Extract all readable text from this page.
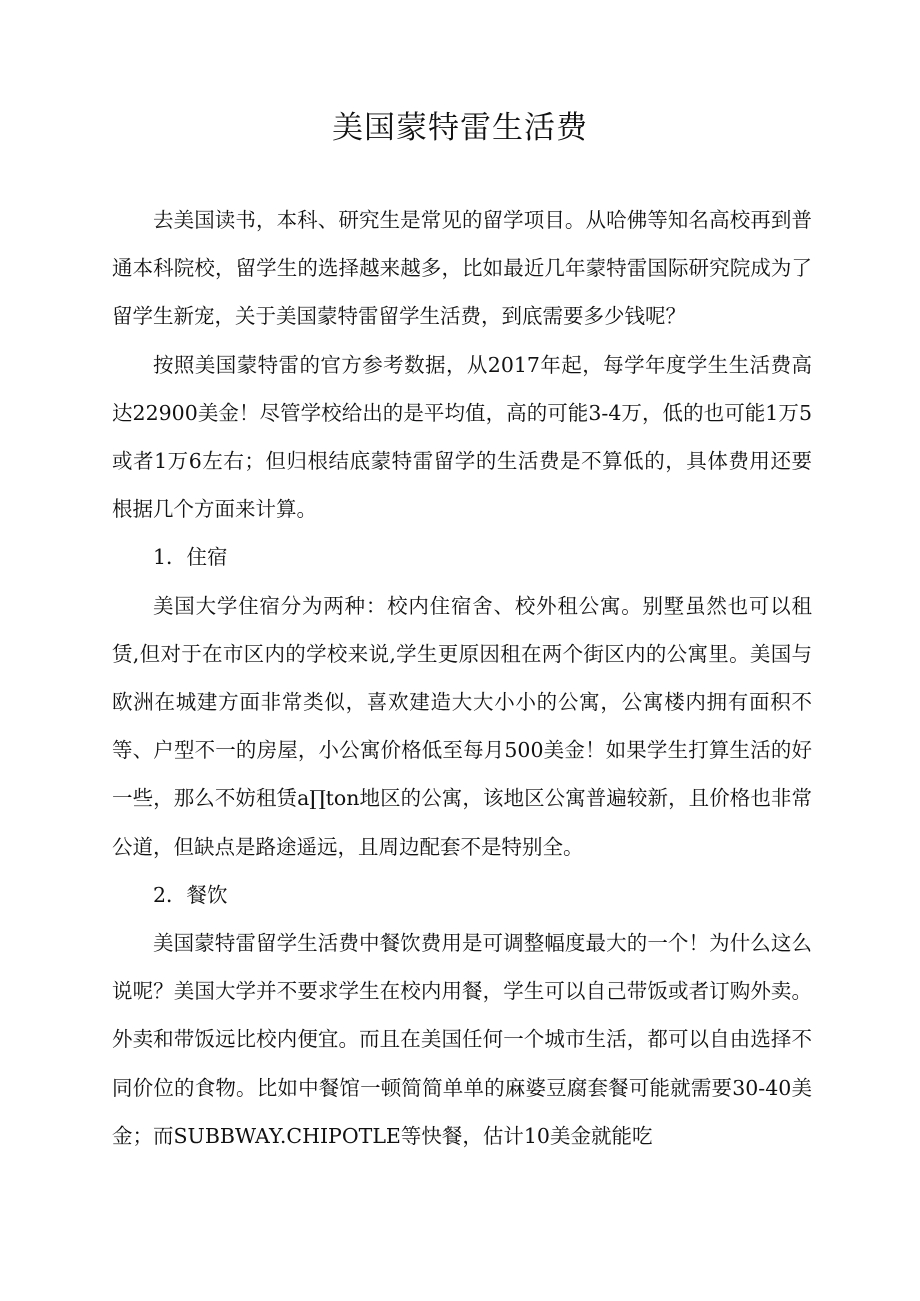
美国蒙特雷生活费

去美国读书，本科、研究生是常见的留学项目。从哈佛等知名高校再到普通本科院校，留学生的选择越来越多，比如最近几年蒙特雷国际研究院成为了留学生新宠，关于美国蒙特雷留学生活费，到底需要多少钱呢？

按照美国蒙特雷的官方参考数据，从2017年起，每学年度学生生活费高达22900美金！尽管学校给出的是平均值，高的可能3-4万，低的也可能1万5或者1万6左右；但归根结底蒙特雷留学的生活费是不算低的，具体费用还要根据几个方面来计算。

1．住宿

美国大学住宿分为两种：校内住宿舍、校外租公寓。别墅虽然也可以租赁,但对于在市区内的学校来说,学生更原因租在两个街区内的公寓里。美国与欧洲在城建方面非常类似，喜欢建造大大小小的公寓，公寓楼内拥有面积不等、户型不一的房屋，小公寓价格低至每月500美金！如果学生打算生活的好一些，那么不妨租赁a∏ton地区的公寓，该地区公寓普遍较新，且价格也非常公道，但缺点是路途遥远，且周边配套不是特别全。

2．餐饮

美国蒙特雷留学生活费中餐饮费用是可调整幅度最大的一个！为什么这么说呢？美国大学并不要求学生在校内用餐，学生可以自己带饭或者订购外卖。外卖和带饭远比校内便宜。而且在美国任何一个城市生活，都可以自由选择不同价位的食物。比如中餐馆一顿简简单单的麻婆豆腐套餐可能就需要30-40美金；而SUBBWAY.CHIPOTLE等快餐，估计10美金就能吃
